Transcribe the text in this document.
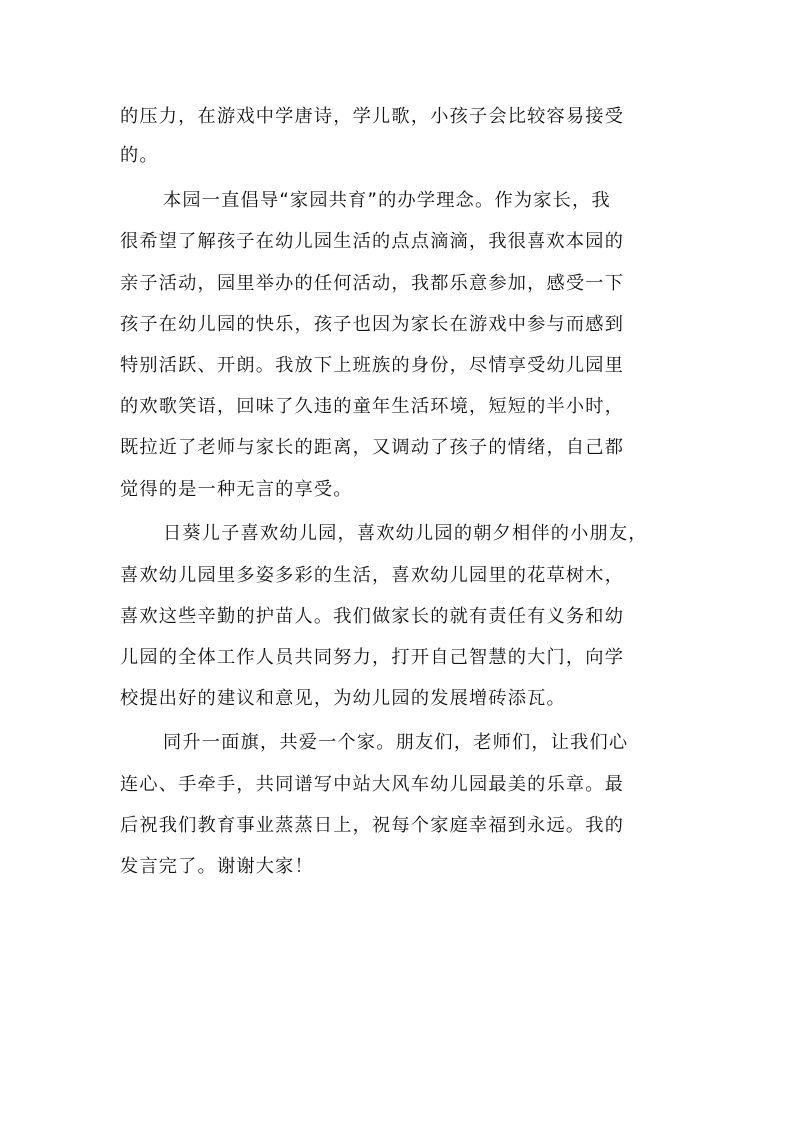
的压力，在游戏中学唐诗，学儿歌，小孩子会比较容易接受
的。
本园一直倡导“家园共育”的办学理念。作为家长，我
很希望了解孩子在幼儿园生活的点点滴滴，我很喜欢本园的
亲子活动，园里举办的任何活动，我都乐意参加，感受一下
孩子在幼儿园的快乐，孩子也因为家长在游戏中参与而感到
特别活跃、开朗。我放下上班族的身份，尽情享受幼儿园里
的欢歌笑语，回味了久违的童年生活环境，短短的半小时，
既拉近了老师与家长的距离，又调动了孩子的情绪，自己都
觉得的是一种无言的享受。
日葵儿子喜欢幼儿园，喜欢幼儿园的朝夕相伴的小朋友，
喜欢幼儿园里多姿多彩的生活，喜欢幼儿园里的花草树木，
喜欢这些辛勤的护苗人。我们做家长的就有责任有义务和幼
儿园的全体工作人员共同努力，打开自己智慧的大门，向学
校提出好的建议和意见，为幼儿园的发展增砖添瓦。
同升一面旗，共爱一个家。朋友们，老师们，让我们心
连心、手牵手，共同谱写中站大风车幼儿园最美的乐章。最
后祝我们教育事业蒸蒸日上，祝每个家庭幸福到永远。我的
发言完了。谢谢大家！
